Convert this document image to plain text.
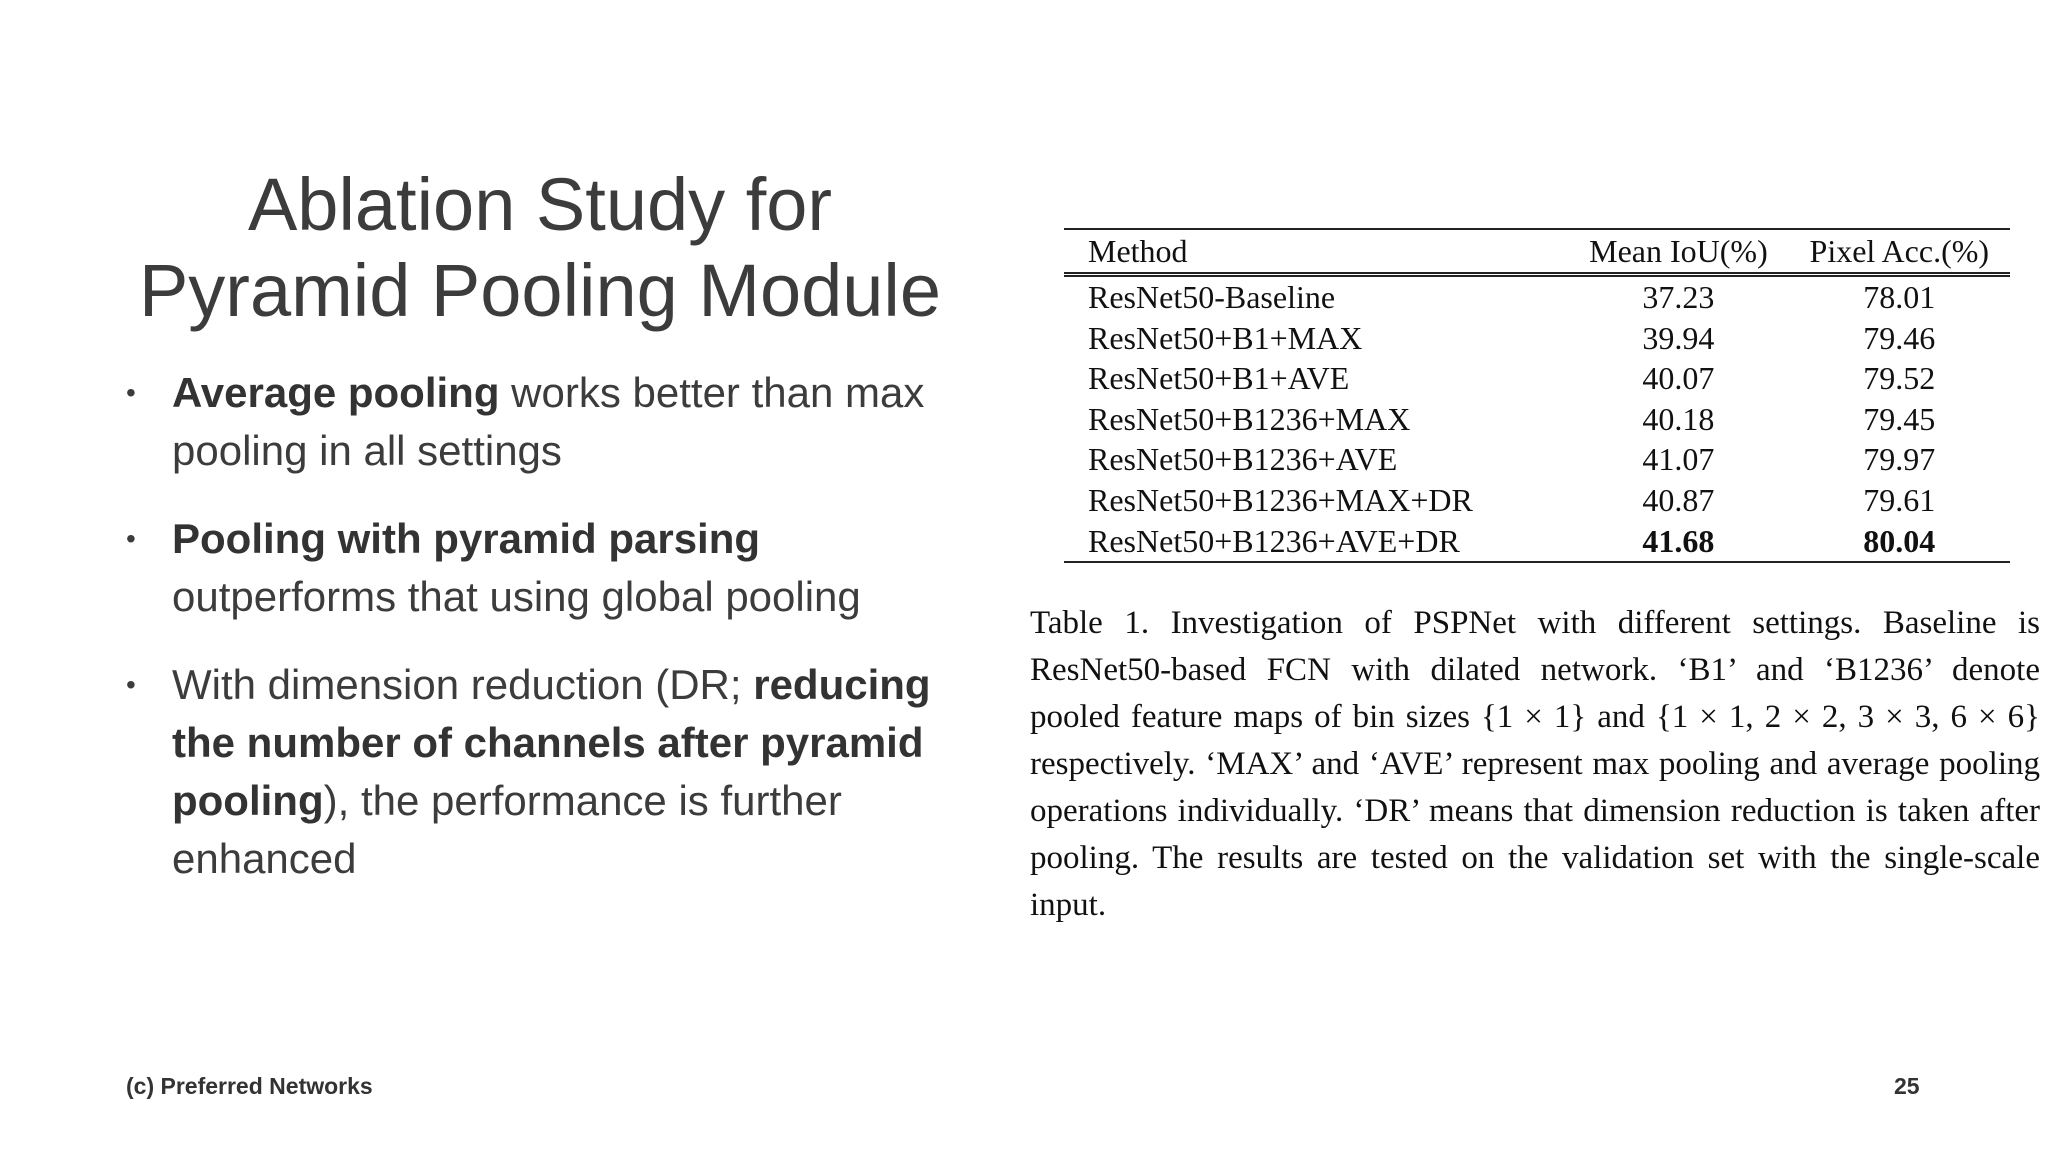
Ablation Study for
Pyramid Pooling Module
• Average pooling works better than max pooling in all settings
• Pooling with pyramid parsing outperforms that using global pooling
• With dimension reduction (DR; reducing the number of channels after pyramid pooling), the performance is further enhanced
Method	Mean IoU(%)	Pixel Acc.(%)
ResNet50-Baseline	37.23	78.01
ResNet50+B1+MAX	39.94	79.46
ResNet50+B1+AVE	40.07	79.52
ResNet50+B1236+MAX	40.18	79.45
ResNet50+B1236+AVE	41.07	79.97
ResNet50+B1236+MAX+DR	40.87	79.61
ResNet50+B1236+AVE+DR	41.68	80.04
Table 1. Investigation of PSPNet with different settings. Baseline is ResNet50-based FCN with dilated network. ‘B1’ and ‘B1236’ denote pooled feature maps of bin sizes {1 × 1} and {1 × 1, 2 × 2, 3 × 3, 6 × 6} respectively. ‘MAX’ and ‘AVE’ represent max pooling and average pooling operations individually. ‘DR’ means that dimension reduction is taken after pooling. The results are tested on the validation set with the single-scale input.
(c) Preferred Networks	25
